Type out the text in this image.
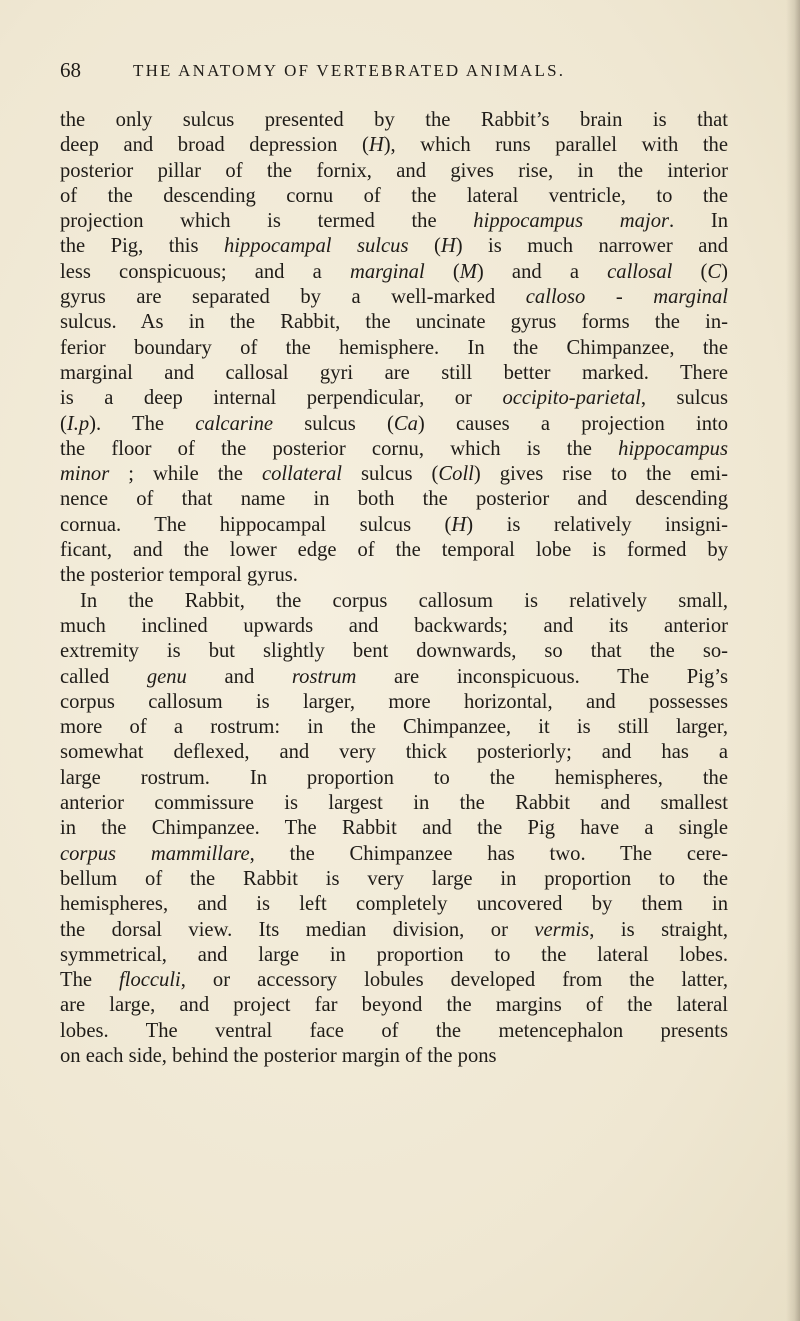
68	THE ANATOMY OF VERTEBRATED ANIMALS.
the only sulcus presented by the Rabbit’s brain is that
deep and broad depression (H), which runs parallel with the
posterior pillar of the fornix, and gives rise, in the interior
of the descending cornu of the lateral ventricle, to the
projection which is termed the hippocampus major. In
the Pig, this hippocampal sulcus (H) is much narrower and
less conspicuous; and a marginal (M) and a callosal (C)
gyrus are separated by a well-marked calloso - marginal
sulcus. As in the Rabbit, the uncinate gyrus forms the in-
ferior boundary of the hemisphere. In the Chimpanzee, the
marginal and callosal gyri are still better marked. There
is a deep internal perpendicular, or occipito-parietal, sulcus
(I.p). The calcarine sulcus (Ca) causes a projection into
the floor of the posterior cornu, which is the hippocampus
minor ; while the collateral sulcus (Coll) gives rise to the emi-
nence of that name in both the posterior and descending
cornua. The hippocampal sulcus (H) is relatively insigni-
ficant, and the lower edge of the temporal lobe is formed by
the posterior temporal gyrus.
In the Rabbit, the corpus callosum is relatively small,
much inclined upwards and backwards; and its anterior
extremity is but slightly bent downwards, so that the so-
called genu and rostrum are inconspicuous. The Pig’s
corpus callosum is larger, more horizontal, and possesses
more of a rostrum: in the Chimpanzee, it is still larger,
somewhat deflexed, and very thick posteriorly; and has a
large rostrum. In proportion to the hemispheres, the
anterior commissure is largest in the Rabbit and smallest
in the Chimpanzee. The Rabbit and the Pig have a single
corpus mammillare, the Chimpanzee has two. The cere-
bellum of the Rabbit is very large in proportion to the
hemispheres, and is left completely uncovered by them in
the dorsal view. Its median division, or vermis, is straight,
symmetrical, and large in proportion to the lateral lobes.
The flocculi, or accessory lobules developed from the latter,
are large, and project far beyond the margins of the lateral
lobes. The ventral face of the metencephalon presents
on each side, behind the posterior margin of the pons
